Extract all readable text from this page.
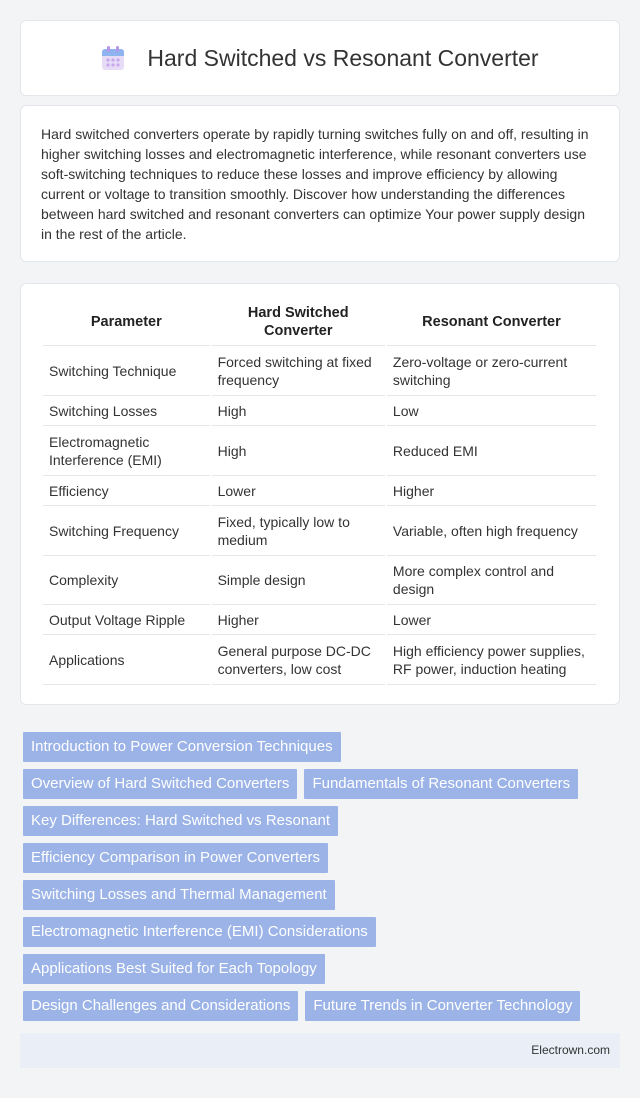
Hard Switched vs Resonant Converter

Hard switched converters operate by rapidly turning switches fully on and off, resulting in higher switching losses and electromagnetic interference, while resonant converters use soft-switching techniques to reduce these losses and improve efficiency by allowing current or voltage to transition smoothly. Discover how understanding the differences between hard switched and resonant converters can optimize Your power supply design in the rest of the article.

Parameter	Hard Switched Converter	Resonant Converter
Switching Technique	Forced switching at fixed frequency	Zero-voltage or zero-current switching
Switching Losses	High	Low
Electromagnetic Interference (EMI)	High	Reduced EMI
Efficiency	Lower	Higher
Switching Frequency	Fixed, typically low to medium	Variable, often high frequency
Complexity	Simple design	More complex control and design
Output Voltage Ripple	Higher	Lower
Applications	General purpose DC-DC converters, low cost	High efficiency power supplies, RF power, induction heating
Introduction to Power Conversion Techniques
Overview of Hard Switched Converters	Fundamentals of Resonant Converters
Key Differences: Hard Switched vs Resonant
Efficiency Comparison in Power Converters
Switching Losses and Thermal Management
Electromagnetic Interference (EMI) Considerations
Applications Best Suited for Each Topology
Design Challenges and Considerations	Future Trends in Converter Technology
Electrown.com
